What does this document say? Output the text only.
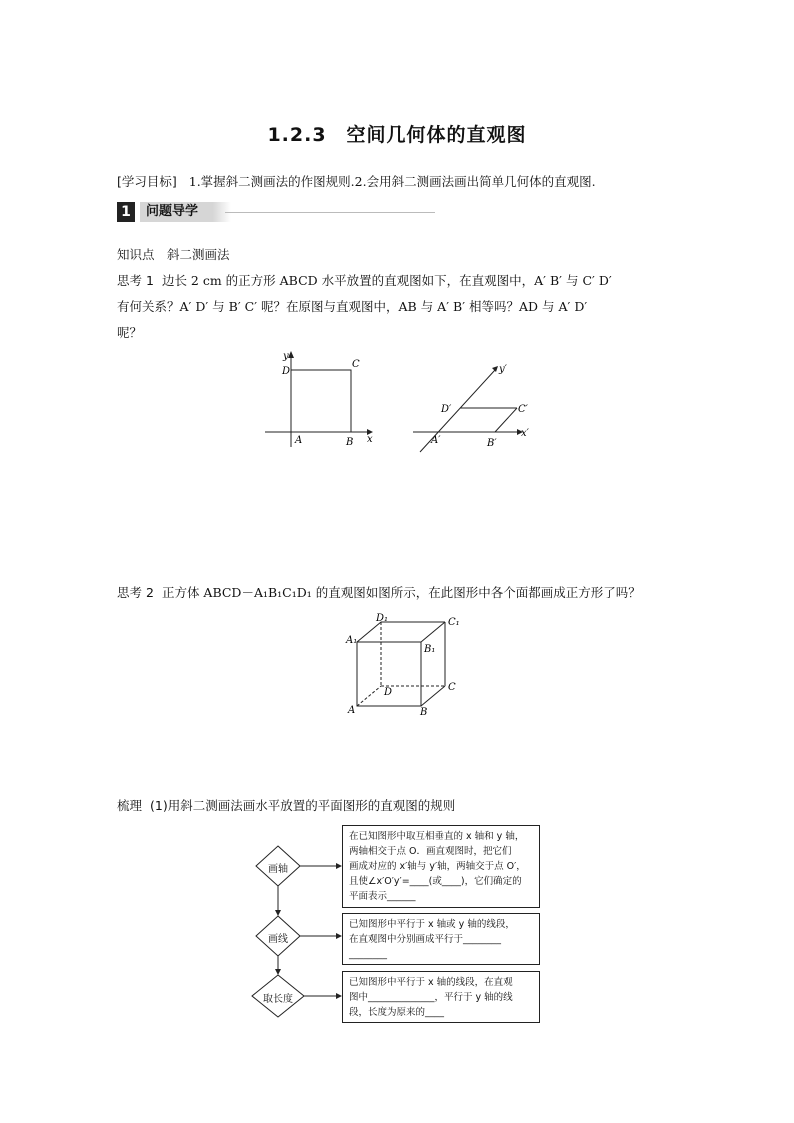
1.2.3　空间几何体的直观图
[学习目标] 1.掌握斜二测画法的作图规则.2.会用斜二测画法画出简单几何体的直观图.
1	问题导学
知识点　斜二测画法
思考 1 边长 2 cm 的正方形 ABCD 水平放置的直观图如下，在直观图中，A′ B′ 与 C′ D′
有何关系？A′ D′ 与 B′ C′ 呢？在原图与直观图中，AB 与 A′ B′ 相等吗？AD 与 A′ D′
呢？
y
D
C
A	B x
y′
D′	C′
A′	B′
x′
思考 2 正方体 ABCD－A₁B₁C₁D₁ 的直观图如图所示，在此图形中各个面都画成正方形了吗？
A₁
D₁	C₁
B₁
D	C
A	B
梳理 (1)用斜二测画法画水平放置的平面图形的直观图的规则
画轴
画线
取长度
在已知图形中取互相垂直的 x 轴和 y 轴，
两轴相交于点 O．画直观图时，把它们
画成对应的 x′轴与 y′轴，两轴交于点 O′，
且使∠x′O′y′=____(或____)，它们确定的
平面表示______
已知图形中平行于 x 轴或 y 轴的线段，
在直观图中分别画成平行于________
________
已知图形中平行于 x 轴的线段，在直观
图中______________，平行于 y 轴的线
段，长度为原来的____
